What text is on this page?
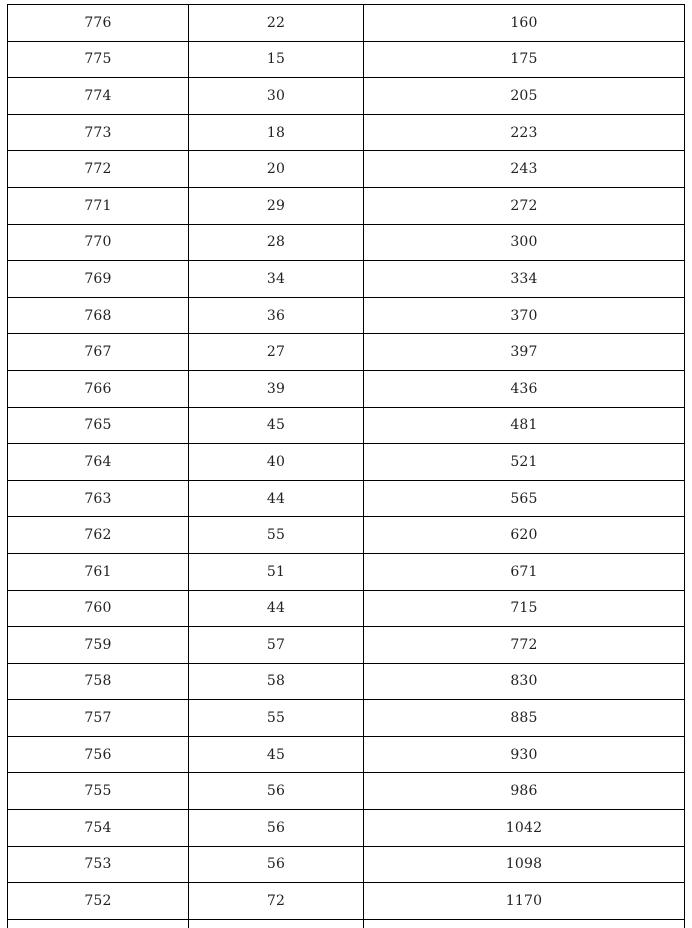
776	22	160
775	15	175
774	30	205
773	18	223
772	20	243
771	29	272
770	28	300
769	34	334
768	36	370
767	27	397
766	39	436
765	45	481
764	40	521
763	44	565
762	55	620
761	51	671
760	44	715
759	57	772
758	58	830
757	55	885
756	45	930
755	56	986
754	56	1042
753	56	1098
752	72	1170
